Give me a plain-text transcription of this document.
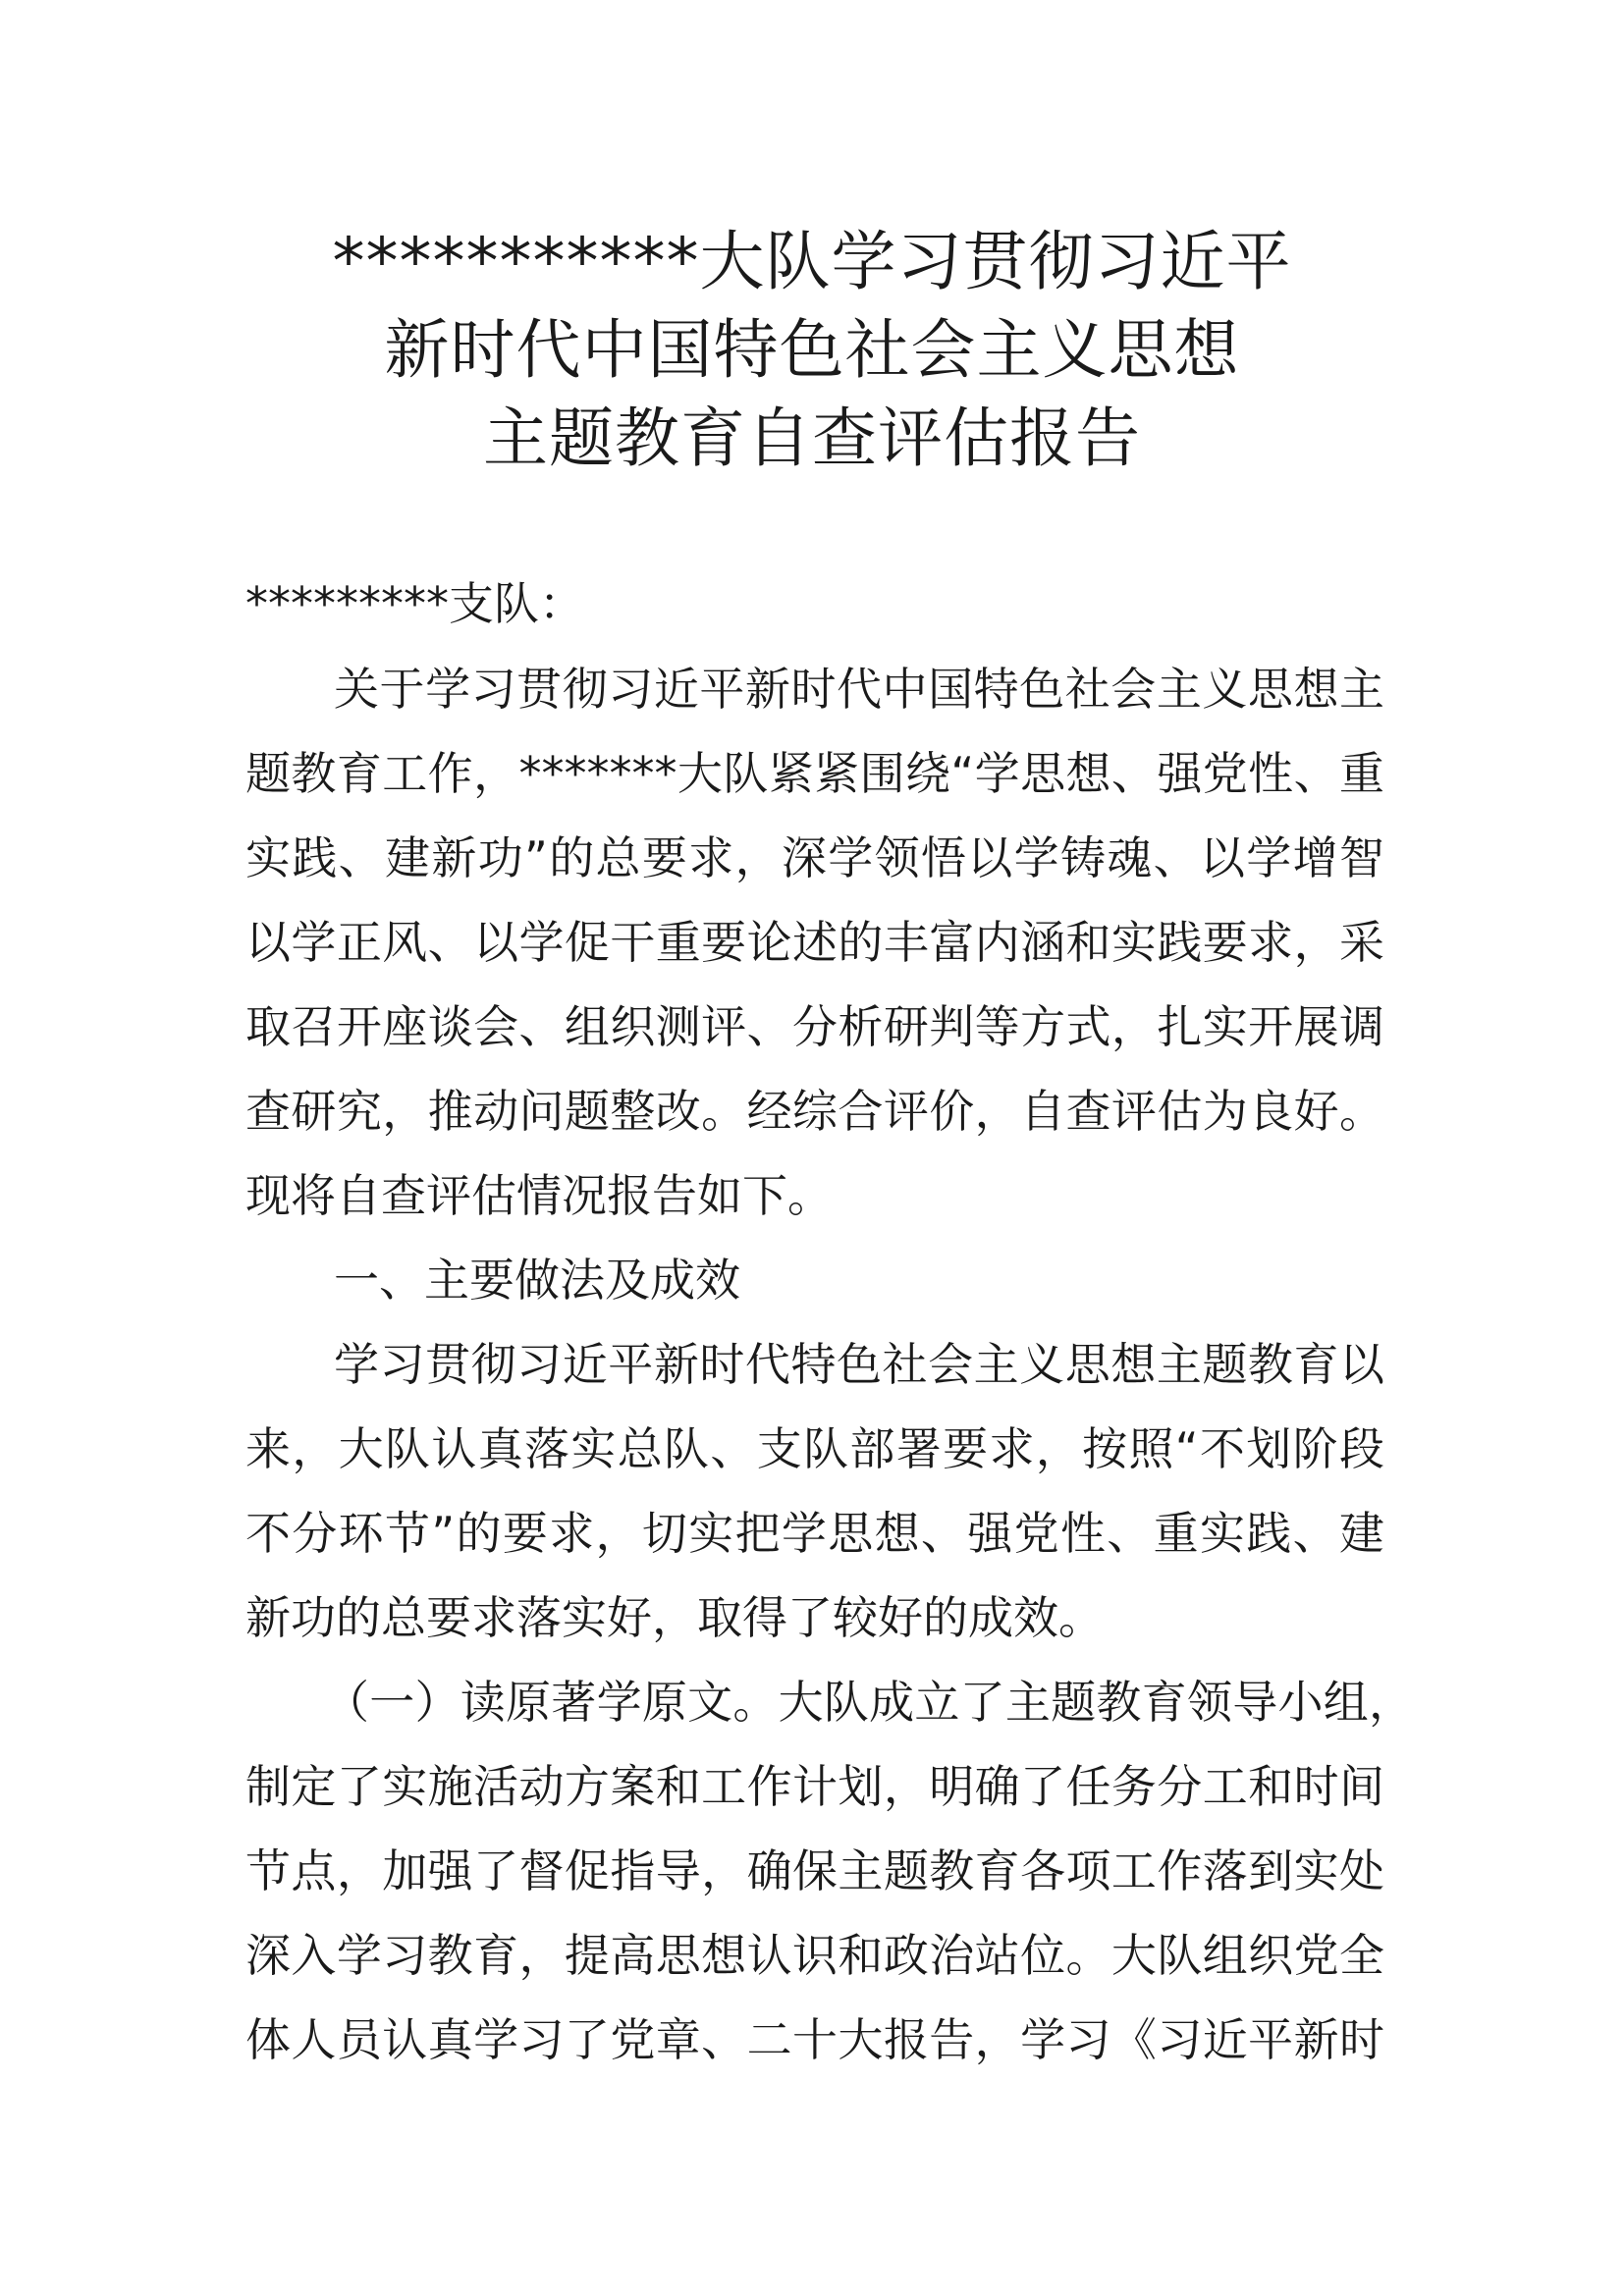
***********大队学习贯彻习近平
新时代中国特色社会主义思想
主题教育自查评估报告
*********支队：
关于学习贯彻习近平新时代中国特色社会主义思想主
题教育工作，*******大队紧紧围绕“学思想、强党性、重
实践、建新功”的总要求，深学领悟以学铸魂、以学增智
以学正风、以学促干重要论述的丰富内涵和实践要求，采
取召开座谈会、组织测评、分析研判等方式，扎实开展调
查研究，推动问题整改。经综合评价，自查评估为良好。
现将自查评估情况报告如下。
一、主要做法及成效
学习贯彻习近平新时代特色社会主义思想主题教育以
来，大队认真落实总队、支队部署要求，按照“不划阶段
不分环节”的要求，切实把学思想、强党性、重实践、建
新功的总要求落实好，取得了较好的成效。
（一）读原著学原文。大队成立了主题教育领导小组，
制定了实施活动方案和工作计划，明确了任务分工和时间
节点，加强了督促指导，确保主题教育各项工作落到实处
深入学习教育，提高思想认识和政治站位。大队组织党全
体人员认真学习了党章、二十大报告，学习《习近平新时
